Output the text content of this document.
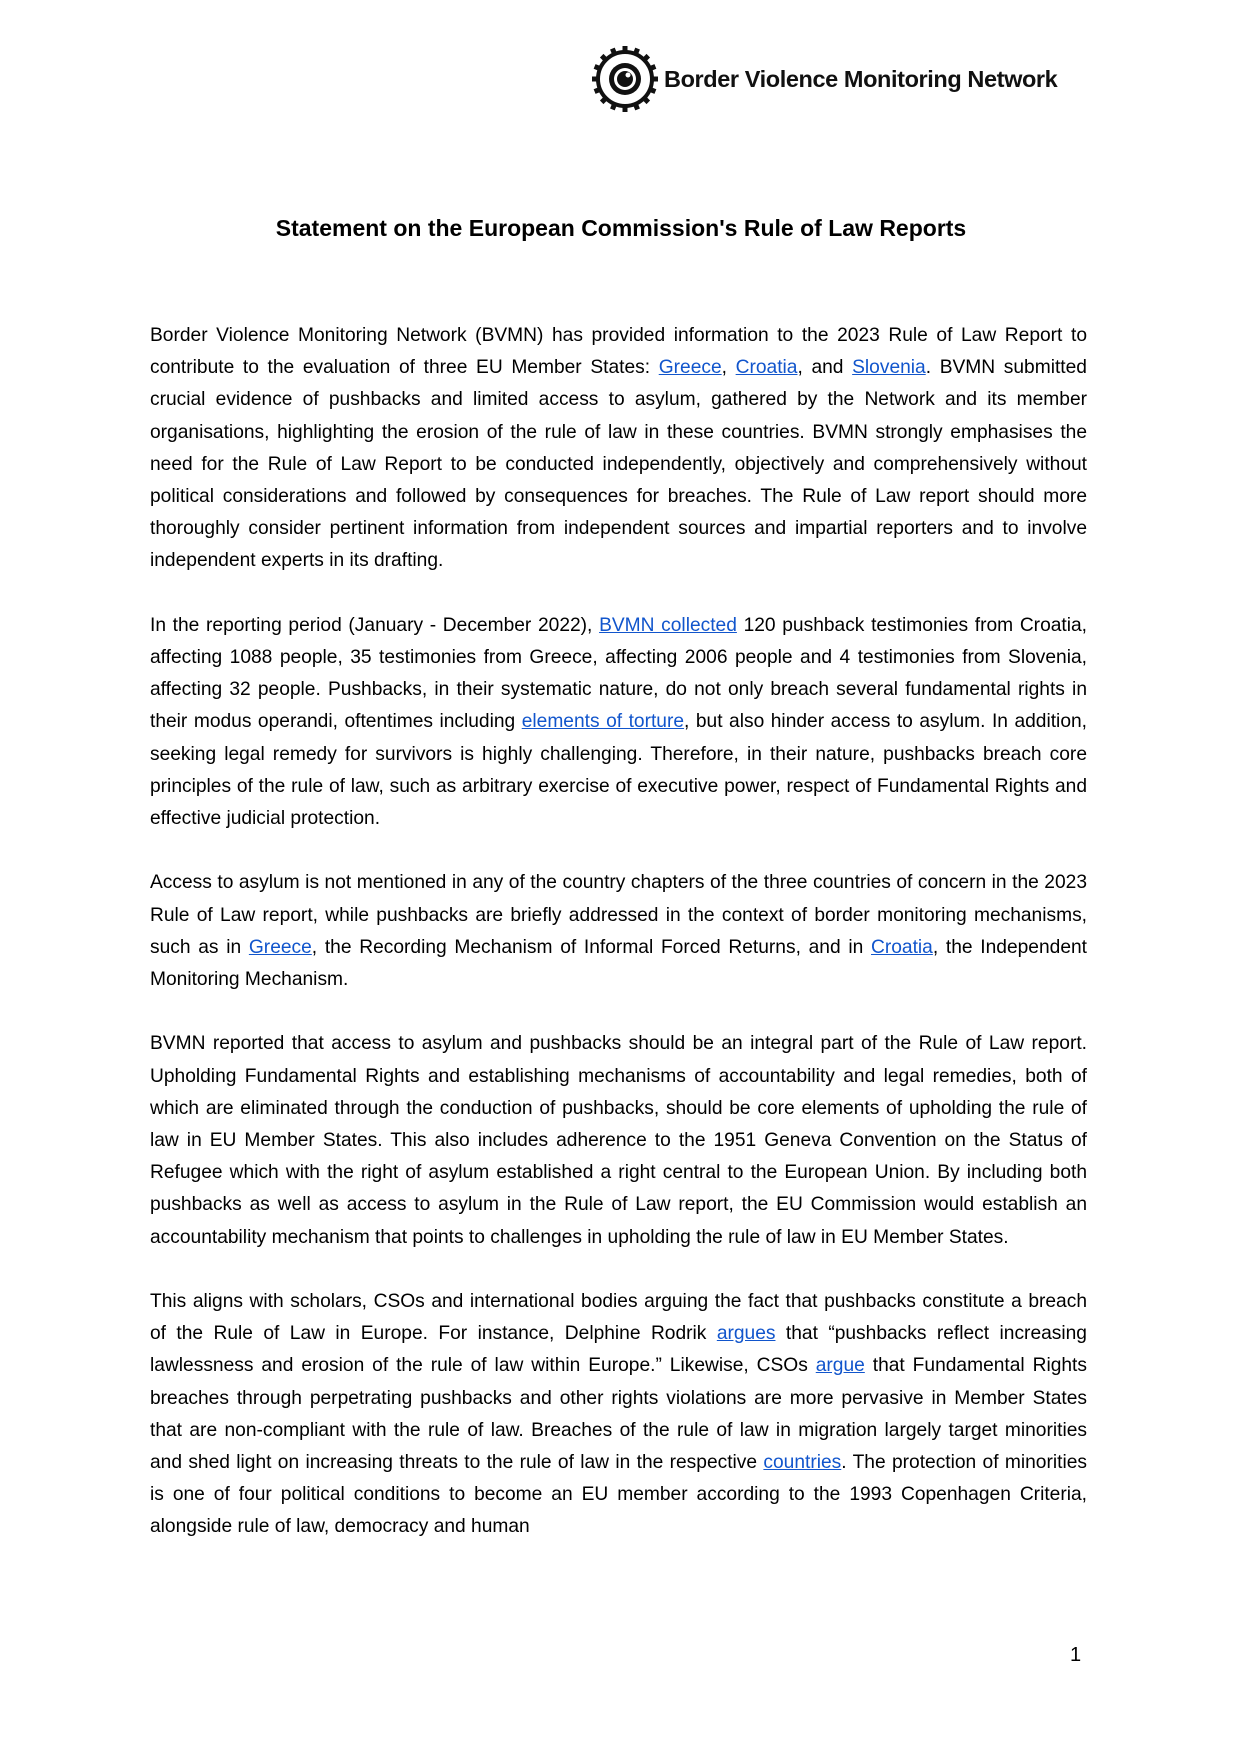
Border Violence Monitoring Network
Statement on the European Commission's Rule of Law Reports

Border Violence Monitoring Network (BVMN) has provided information to the 2023 Rule of Law Report to contribute to the evaluation of three EU Member States: Greece, Croatia, and Slovenia. BVMN submitted crucial evidence of pushbacks and limited access to asylum, gathered by the Network and its member organisations, highlighting the erosion of the rule of law in these countries. BVMN strongly emphasises the need for the Rule of Law Report to be conducted independently, objectively and comprehensively without political considerations and followed by consequences for breaches. The Rule of Law report should more thoroughly consider pertinent information from independent sources and impartial reporters and to involve independent experts in its drafting.

In the reporting period (January - December 2022), BVMN collected 120 pushback testimonies from Croatia, affecting 1088 people, 35 testimonies from Greece, affecting 2006 people and 4 testimonies from Slovenia, affecting 32 people. Pushbacks, in their systematic nature, do not only breach several fundamental rights in their modus operandi, oftentimes including elements of torture, but also hinder access to asylum. In addition, seeking legal remedy for survivors is highly challenging. Therefore, in their nature, pushbacks breach core principles of the rule of law, such as arbitrary exercise of executive power, respect of Fundamental Rights and effective judicial protection.

Access to asylum is not mentioned in any of the country chapters of the three countries of concern in the 2023 Rule of Law report, while pushbacks are briefly addressed in the context of border monitoring mechanisms, such as in Greece, the Recording Mechanism of Informal Forced Returns, and in Croatia, the Independent Monitoring Mechanism.

BVMN reported that access to asylum and pushbacks should be an integral part of the Rule of Law report. Upholding Fundamental Rights and establishing mechanisms of accountability and legal remedies, both of which are eliminated through the conduction of pushbacks, should be core elements of upholding the rule of law in EU Member States. This also includes adherence to the 1951 Geneva Convention on the Status of Refugee which with the right of asylum established a right central to the European Union. By including both pushbacks as well as access to asylum in the Rule of Law report, the EU Commission would establish an accountability mechanism that points to challenges in upholding the rule of law in EU Member States.

This aligns with scholars, CSOs and international bodies arguing the fact that pushbacks constitute a breach of the Rule of Law in Europe. For instance, Delphine Rodrik argues that “pushbacks reflect increasing lawlessness and erosion of the rule of law within Europe.” Likewise, CSOs argue that Fundamental Rights breaches through perpetrating pushbacks and other rights violations are more pervasive in Member States that are non-compliant with the rule of law. Breaches of the rule of law in migration largely target minorities and shed light on increasing threats to the rule of law in the respective countries. The protection of minorities is one of four political conditions to become an EU member according to the 1993 Copenhagen Criteria, alongside rule of law, democracy and human

1
